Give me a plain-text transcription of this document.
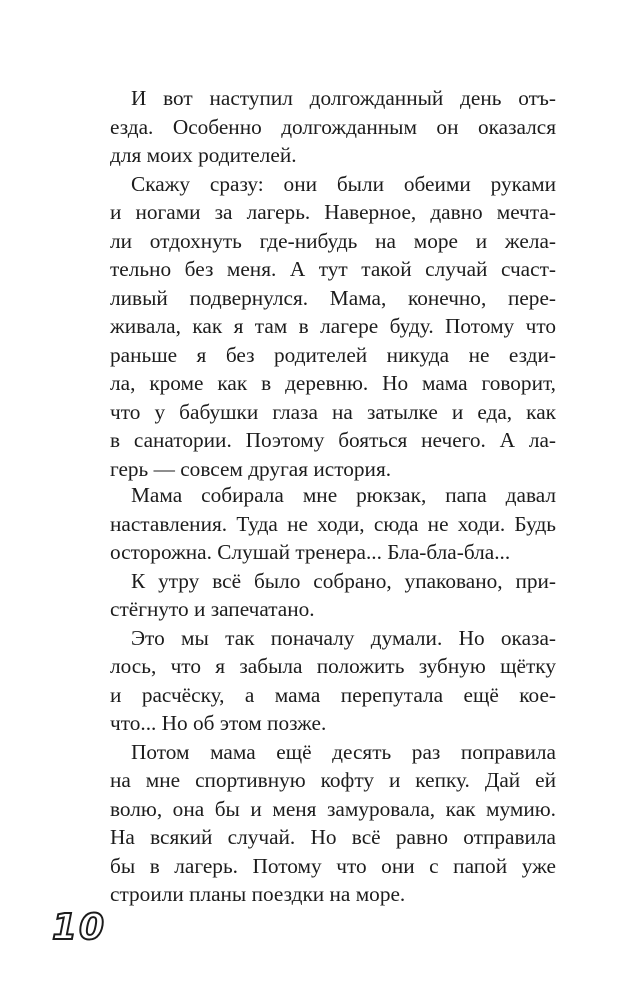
И вот наступил долгожданный день отъ-
езда. Особенно долгожданным он оказался
для моих родителей.
Скажу сразу: они были обеими руками
и ногами за лагерь. Наверное, давно мечта-
ли отдохнуть где-нибудь на море и жела-
тельно без меня. А тут такой случай счаст-
ливый подвернулся. Мама, конечно, пере-
живала, как я там в лагере буду. Потому что
раньше я без родителей никуда не езди-
ла, кроме как в деревню. Но мама говорит,
что у бабушки глаза на затылке и еда, как
в санатории. Поэтому бояться нечего. А ла-
герь — совсем другая история.
Мама собирала мне рюкзак, папа давал
наставления. Туда не ходи, сюда не ходи. Будь
осторожна. Слушай тренера... Бла-бла-бла...
К утру всё было собрано, упаковано, при-
стёгнуто и запечатано.
Это мы так поначалу думали. Но оказа-
лось, что я забыла положить зубную щётку
и расчёску, а мама перепутала ещё кое-
что... Но об этом позже.
Потом мама ещё десять раз поправила
на мне спортивную кофту и кепку. Дай ей
волю, она бы и меня замуровала, как мумию.
На всякий случай. Но всё равно отправила
бы в лагерь. Потому что они с папой уже
строили планы поездки на море.
10
